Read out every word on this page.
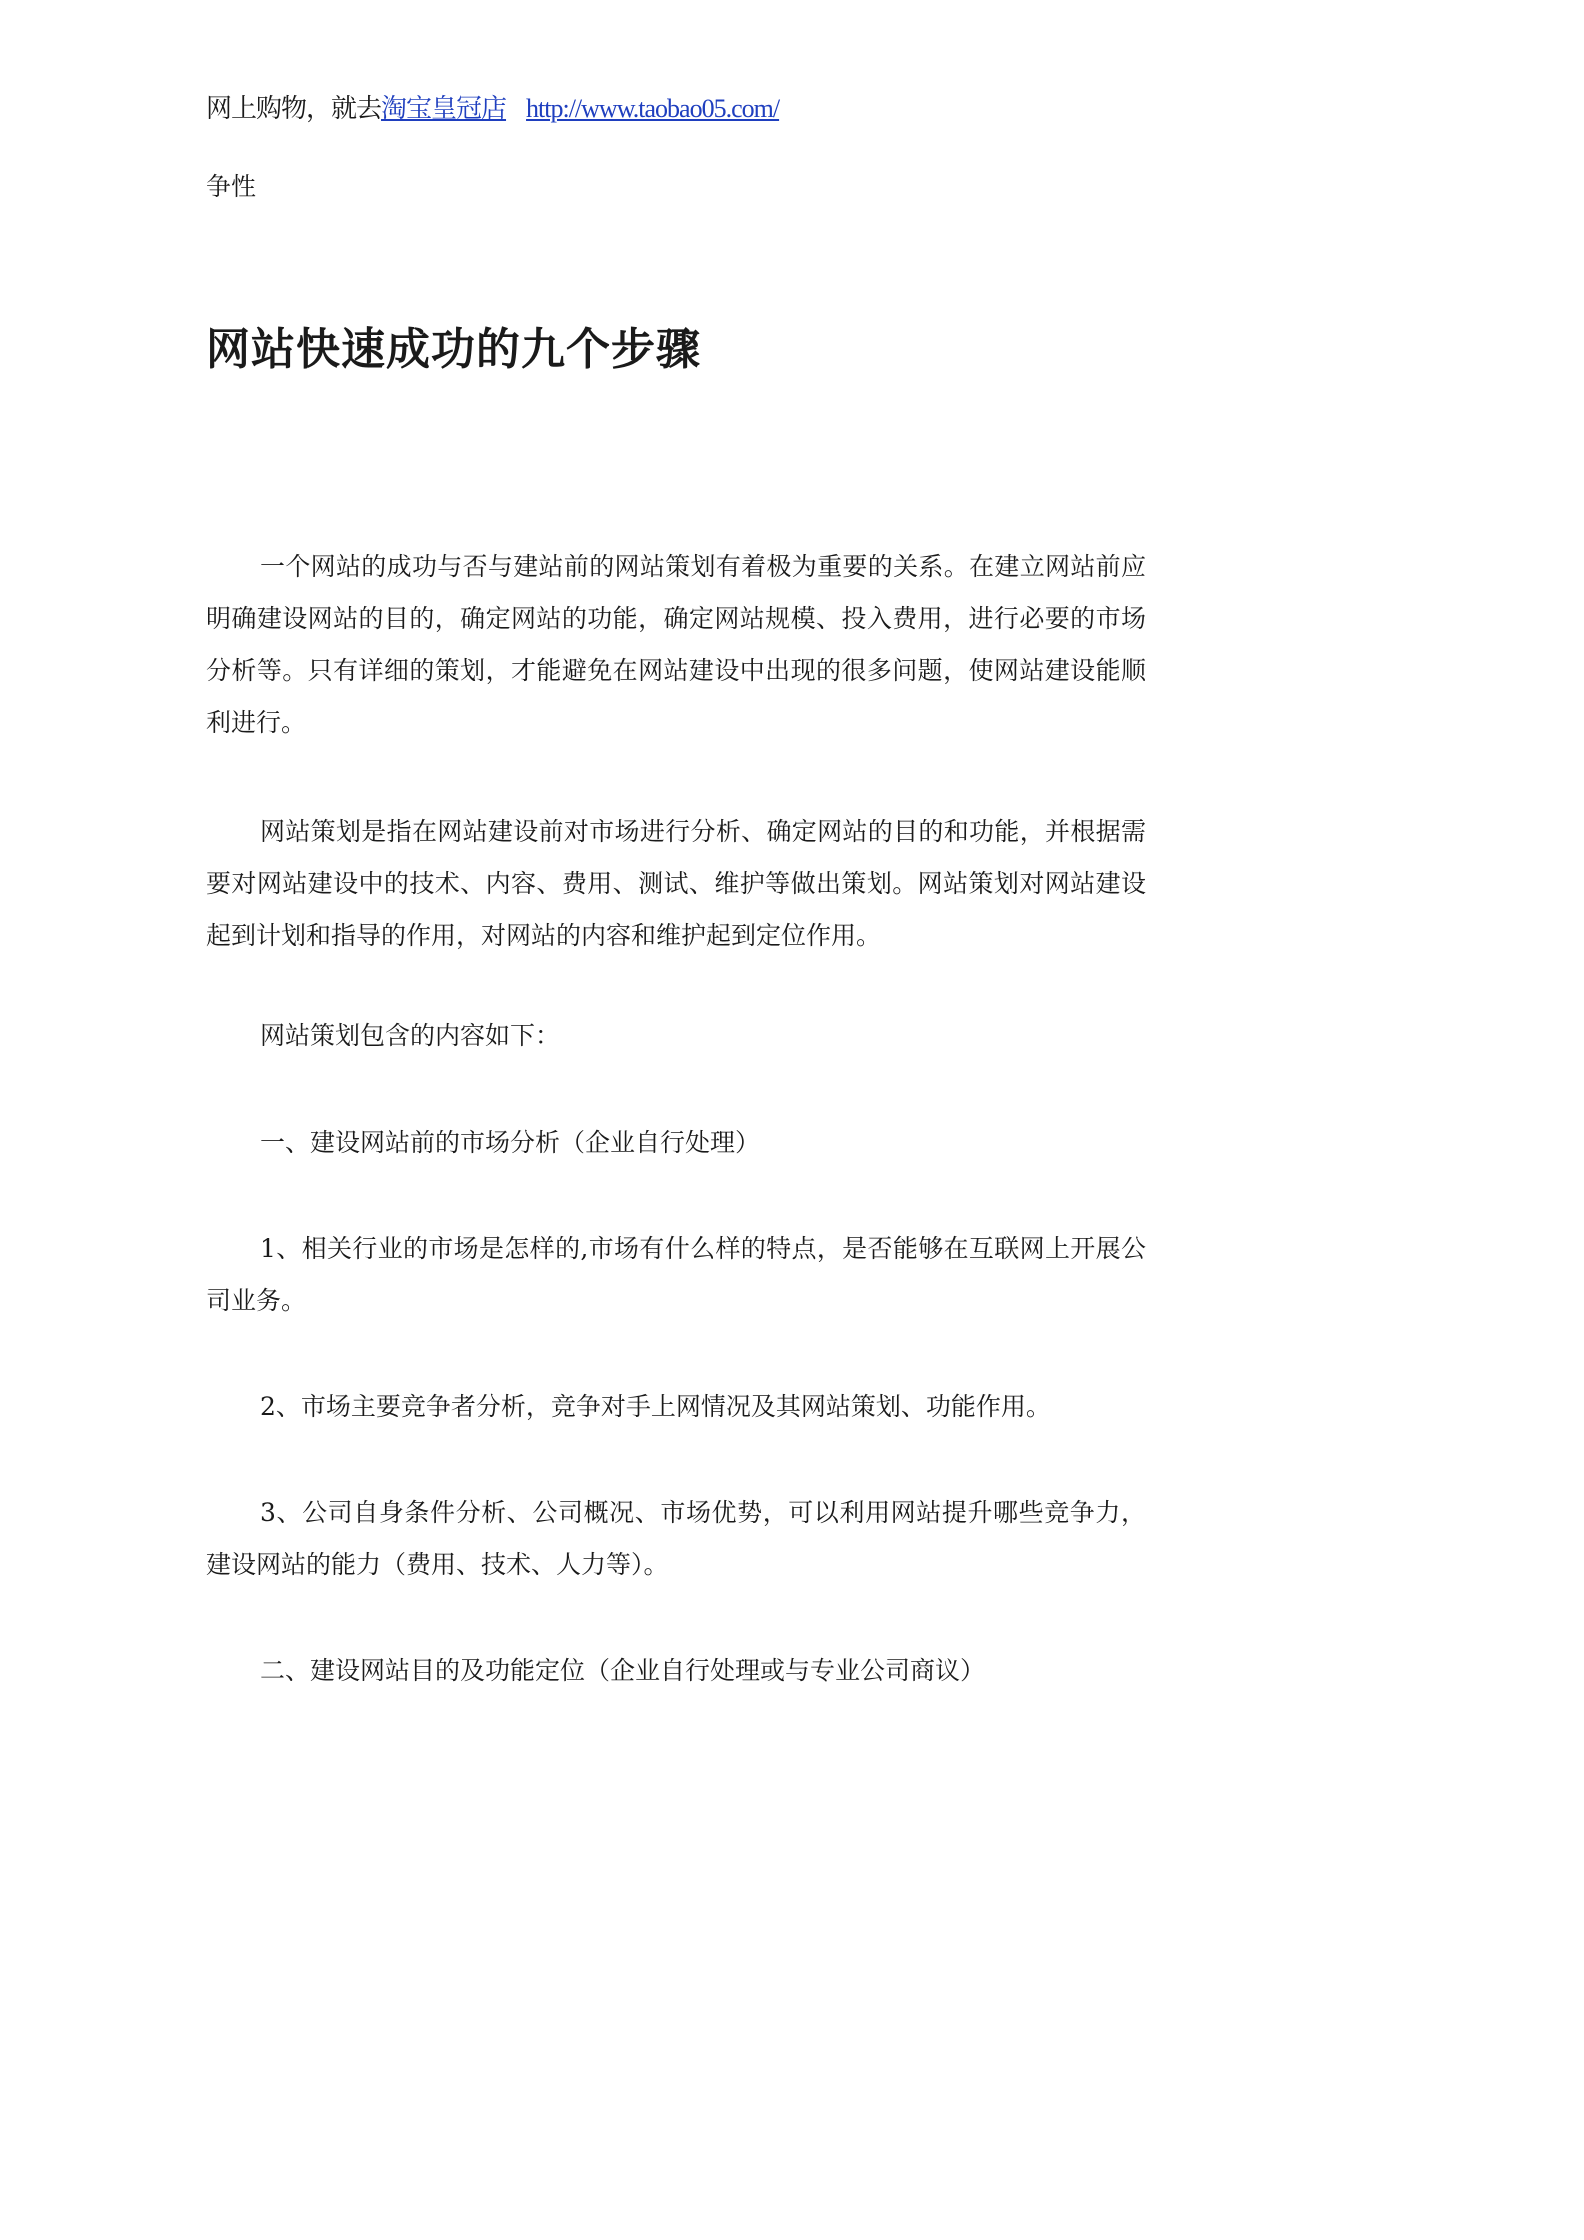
网上购物，就去淘宝皇冠店 http://www.taobao05.com/
争性
网站快速成功的九个步骤

一个网站的成功与否与建站前的网站策划有着极为重要的关系。在建立网站前应明确建设网站的目的，确定网站的功能，确定网站规模、投入费用，进行必要的市场分析等。只有详细的策划，才能避免在网站建设中出现的很多问题，使网站建设能顺利进行。

网站策划是指在网站建设前对市场进行分析、确定网站的目的和功能，并根据需要对网站建设中的技术、内容、费用、测试、维护等做出策划。网站策划对网站建设起到计划和指导的作用，对网站的内容和维护起到定位作用。

网站策划包含的内容如下：

一、建设网站前的市场分析（企业自行处理）

1、相关行业的市场是怎样的,市场有什么样的特点，是否能够在互联网上开展公司业务。

2、市场主要竞争者分析，竞争对手上网情况及其网站策划、功能作用。

3、公司自身条件分析、公司概况、市场优势，可以利用网站提升哪些竞争力，建设网站的能力（费用、技术、人力等）。

二、建设网站目的及功能定位（企业自行处理或与专业公司商议）
